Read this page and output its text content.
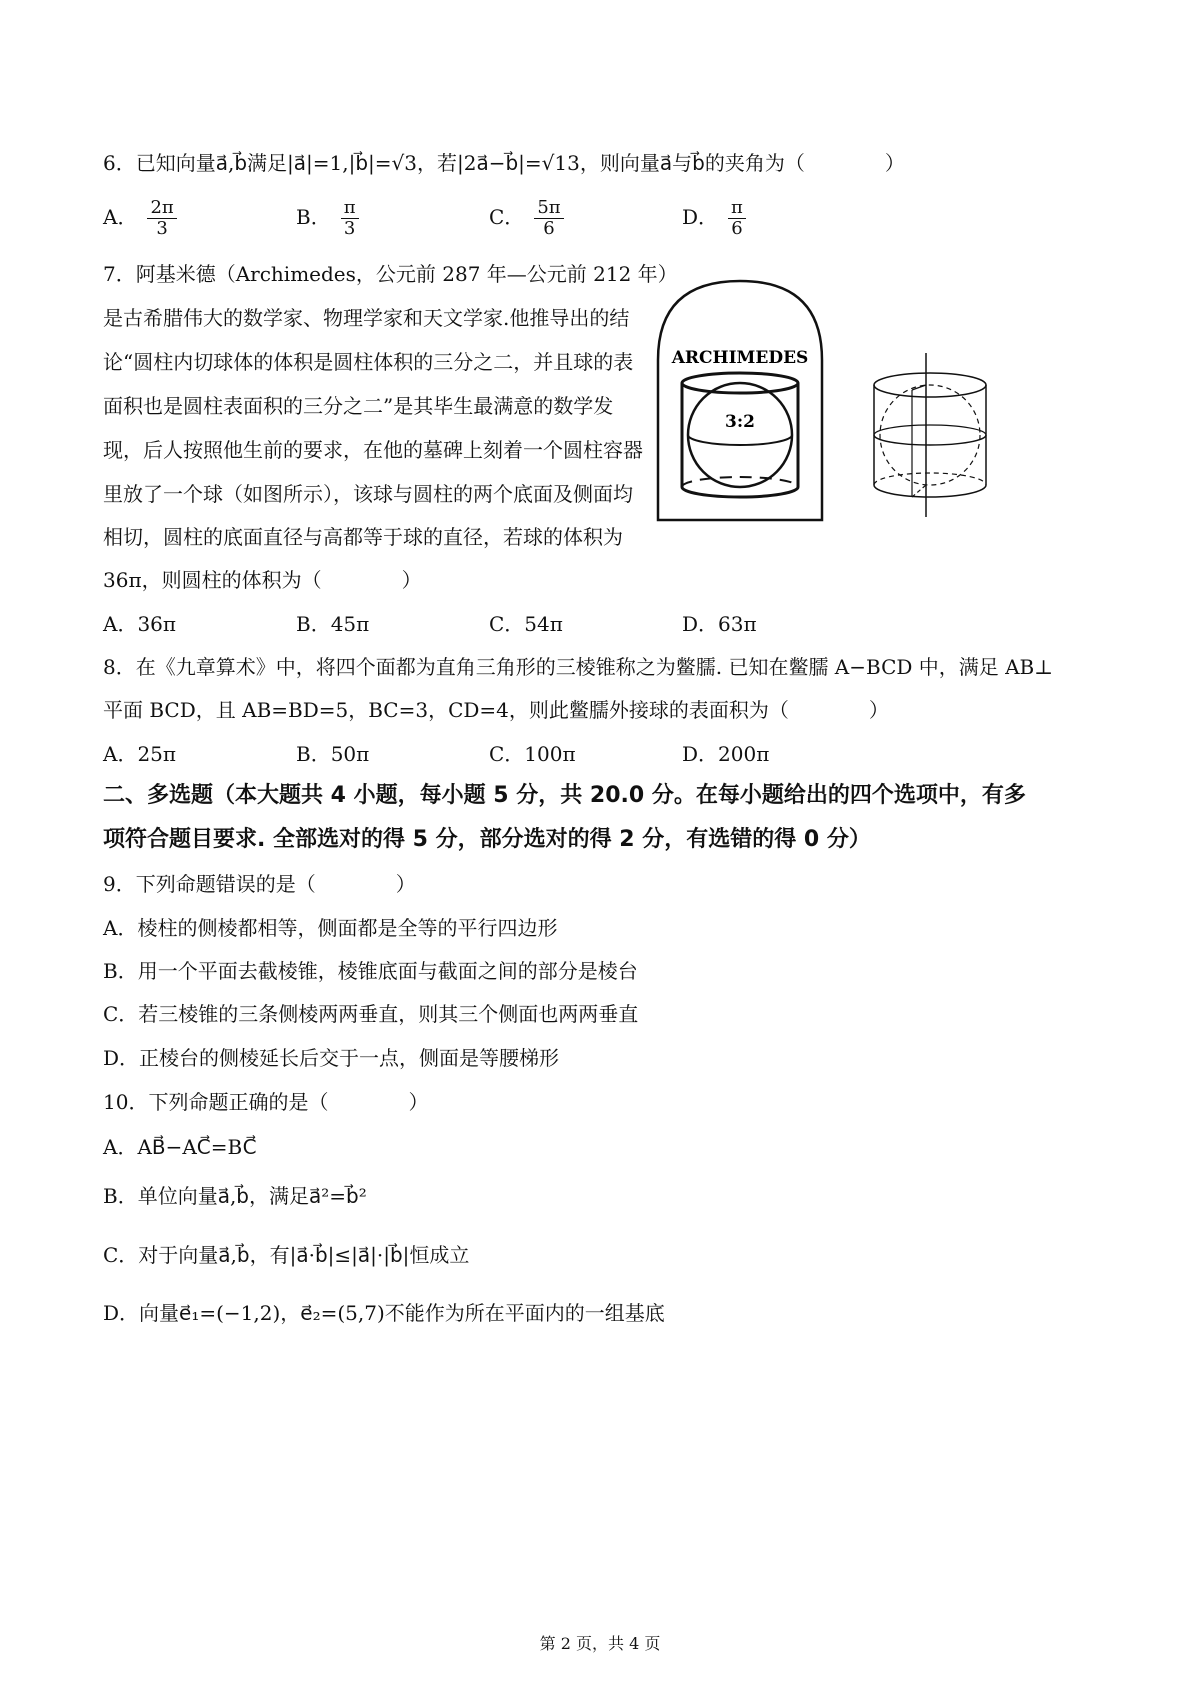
6．已知向量a⃗,b⃗满足|a⃗|=1,|b⃗|=√3，若|2a⃗−b⃗|=√13，则向量a⃗与b⃗的夹角为（　　　　）
A． $\frac{2\pi}{3}$	B． $\frac{\pi}{3}$	C． $\frac{5\pi}{6}$	D． $\frac{\pi}{6}$
7．阿基米德（Archimedes，公元前 287 年—公元前 212 年）
是古希腊伟大的数学家、物理学家和天文学家.他推导出的结
论“圆柱内切球体的体积是圆柱体积的三分之二，并且球的表
面积也是圆柱表面积的三分之二”是其毕生最满意的数学发
现，后人按照他生前的要求，在他的墓碑上刻着一个圆柱容器
里放了一个球（如图所示），该球与圆柱的两个底面及侧面均
相切，圆柱的底面直径与高都等于球的直径，若球的体积为
36π，则圆柱的体积为（　　　　）
ARCHIMEDES
3:2
A．36π	B．45π	C．54π	D．63π
8．在《九章算术》中，将四个面都为直角三角形的三棱锥称之为鳖臑. 已知在鳖臑 A−BCD 中，满足 AB⊥
平面 BCD，且 AB=BD=5，BC=3，CD=4，则此鳖臑外接球的表面积为（　　　　）
A．25π	B．50π	C．100π	D．200π
二、多选题（本大题共 4 小题，每小题 5 分，共 20.0 分。在每小题给出的四个选项中，有多
项符合题目要求. 全部选对的得 5 分，部分选对的得 2 分，有选错的得 0 分）
9．下列命题错误的是（　　　　）
A．棱柱的侧棱都相等，侧面都是全等的平行四边形
B．用一个平面去截棱锥，棱锥底面与截面之间的部分是棱台
C．若三棱锥的三条侧棱两两垂直，则其三个侧面也两两垂直
D．正棱台的侧棱延长后交于一点，侧面是等腰梯形
10．下列命题正确的是（　　　　）
A．AB⃗−AC⃗=BC⃗
B．单位向量a⃗,b⃗，满足a⃗²=b⃗²
C．对于向量a⃗,b⃗，有|a⃗·b⃗|≤|a⃗|·|b⃗|恒成立
D．向量e⃗₁=(−1,2)，e⃗₂=(5,7)不能作为所在平面内的一组基底
第 2 页，共 4 页
